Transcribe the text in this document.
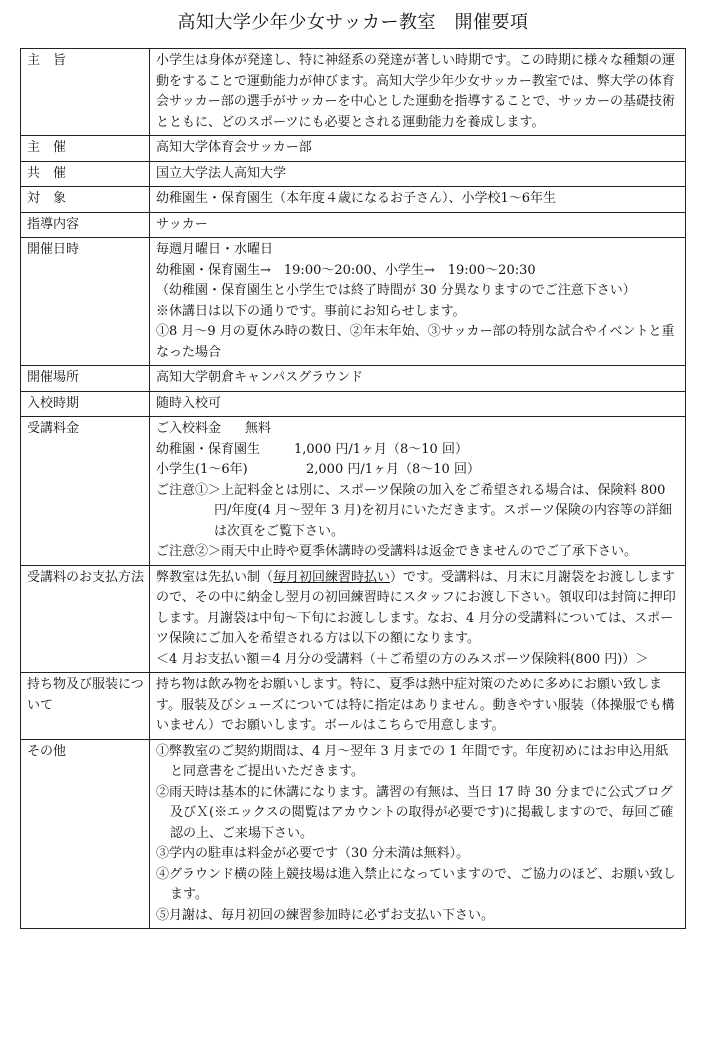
高知大学少年少女サッカー教室　開催要項
主　旨	小学生は身体が発達し、特に神経系の発達が著しい時期です。この時期に様々な種類の運動をすることで運動能力が伸びます。高知大学少年少女サッカー教室では、弊大学の体育会サッカー部の選手がサッカーを中心とした運動を指導することで、サッカーの基礎技術とともに、どのスポーツにも必要とされる運動能力を養成します。
主　催	高知大学体育会サッカー部
共　催	国立大学法人高知大学
対　象	幼稚園生・保育園生（本年度４歳になるお子さん）、小学校1〜6年生
指導内容	サッカー
開催日時	毎週月曜日・水曜日
幼稚園・保育園生→　19:00〜20:00、小学生→　19:00〜20:30
（幼稚園・保育園生と小学生では終了時間が 30 分異なりますのでご注意下さい）
※休講日は以下の通りです。事前にお知らせします。
①8 月〜9 月の夏休み時の数日、②年末年始、③サッカー部の特別な試合やイベントと重なった場合

開催場所	高知大学朝倉キャンパスグラウンド
入校時期	随時入校可
受講料金	ご入校料金 無料
幼稚園・保育園生 1,000 円/1ヶ月（8〜10 回）
小学生(1〜6年) 2,000 円/1ヶ月（8〜10 回）
ご注意①＞上記料金とは別に、スポーツ保険の加入をご希望される場合は、保険料 800 円/年度(4 月〜翌年 3 月)を初月にいただきます。スポーツ保険の内容等の詳細は次頁をご覧下さい。
ご注意②＞雨天中止時や夏季休講時の受講料は返金できませんのでご了承下さい。

受講料のお支払方法	弊教室は先払い制（毎月初回練習時払い）です。受講料は、月末に月謝袋をお渡ししますので、その中に納金し翌月の初回練習時にスタッフにお渡し下さい。領収印は封筒に押印します。月謝袋は中旬〜下旬にお渡しします。なお、4 月分の受講料については、スポーツ保険にご加入を希望される方は以下の額になります。
＜4 月お支払い額＝4 月分の受講料（＋ご希望の方のみスポーツ保険料(800 円)）＞

持ち物及び服装について	持ち物は飲み物をお願いします。特に、夏季は熱中症対策のために多めにお願い致します。服装及びシューズについては特に指定はありません。動きやすい服装（体操服でも構いません）でお願いします。ボールはこちらで用意します。
その他	①弊教室のご契約期間は、4 月〜翌年 3 月までの 1 年間です。年度初めにはお申込用紙と同意書をご提出いただきます。
②雨天時は基本的に休講になります。講習の有無は、当日 17 時 30 分までに公式ブログ及びＸ(※エックスの閲覧はアカウントの取得が必要です)に掲載しますので、毎回ご確認の上、ご来場下さい。
③学内の駐車は料金が必要です（30 分未満は無料）。
④グラウンド横の陸上競技場は進入禁止になっていますので、ご協力のほど、お願い致します。
⑤月謝は、毎月初回の練習参加時に必ずお支払い下さい。
